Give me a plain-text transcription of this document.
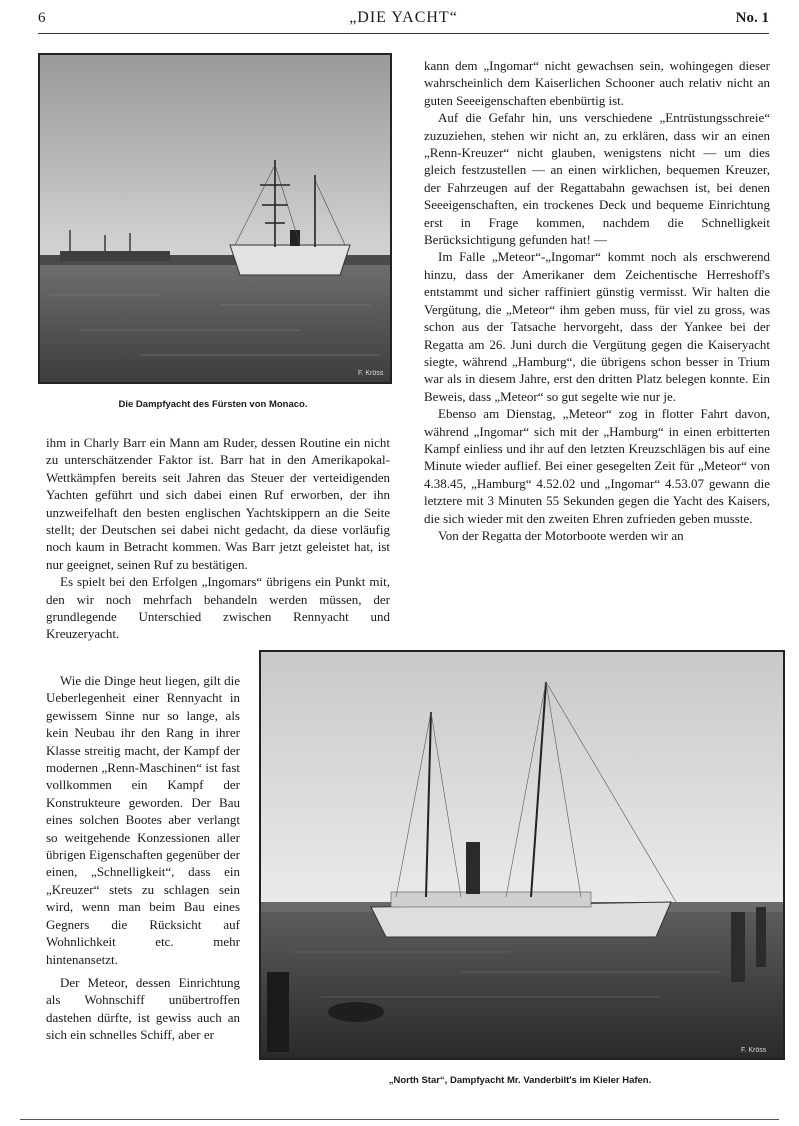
6	„DIE YACHT“	No. 1
F. Kröss
Die Dampfyacht des Fürsten von Monaco.

ihm in Charly Barr ein Mann am Ruder, dessen Routine ein nicht zu unterschätzender Faktor ist. Barr hat in den Amerikapokal-Wettkämpfen bereits seit Jahren das Steuer der verteidigenden Yachten geführt und sich dabei einen Ruf erworben, der ihn unzweifelhaft den besten englischen Yachtskippern an die Seite stellt; der Deutschen sei dabei nicht gedacht, da diese vorläufig noch kaum in Betracht kommen. Was Barr jetzt geleistet hat, ist nur geeignet, seinen Ruf zu bestätigen.

Es spielt bei den Erfolgen „Ingomars“ übrigens ein Punkt mit, den wir noch mehrfach behandeln werden müssen, der grundlegende Unterschied zwischen Rennyacht und Kreuzeryacht.

Wie die Dinge heut liegen, gilt die Ueberlegenheit einer Rennyacht in gewissem Sinne nur so lange, als kein Neubau ihr den Rang in ihrer Klasse streitig macht, der Kampf der modernen „Renn-Maschinen“ ist fast vollkommen ein Kampf der Konstrukteure geworden. Der Bau eines solchen Bootes aber verlangt so weitgehende Konzessionen aller übrigen Eigenschaften gegenüber der einen, „Schnelligkeit“, dass ein „Kreuzer“ stets zu schlagen sein wird, wenn man beim Bau eines Gegners die Rücksicht auf Wohnlichkeit etc. mehr hintenansetzt.

Der Meteor, dessen Einrichtung als Wohnschiff unübertroffen dastehen dürfte, ist gewiss auch an sich ein schnelles Schiff, aber er

kann dem „Ingomar“ nicht gewachsen sein, wohingegen dieser wahrscheinlich dem Kaiserlichen Schooner auch relativ nicht an guten Seeeigenschaften ebenbürtig ist.

Auf die Gefahr hin, uns verschiedene „Entrüstungsschreie“ zuzuziehen, stehen wir nicht an, zu erklären, dass wir an einen „Renn-Kreuzer“ nicht glauben, wenigstens nicht — um dies gleich festzustellen — an einen wirklichen, bequemen Kreuzer, der Fahrzeugen auf der Regattabahn gewachsen ist, bei denen Seeeigenschaften, ein trockenes Deck und bequeme Einrichtung erst in Frage kommen, nachdem die Schnelligkeit Berücksichtigung gefunden hat! —

Im Falle „Meteor“-„Ingomar“ kommt noch als erschwerend hinzu, dass der Amerikaner dem Zeichentische Herreshoff's entstammt und sicher raffiniert günstig vermisst. Wir halten die Vergütung, die „Meteor“ ihm geben muss, für viel zu gross, was schon aus der Tatsache hervorgeht, dass der Yankee bei der Regatta am 26. Juni durch die Vergütung gegen die Kaiseryacht siegte, während „Hamburg“, die übrigens schon besser in Trium war als in diesem Jahre, erst den dritten Platz belegen konnte. Ein Beweis, dass „Meteor“ so gut segelte wie nur je.

Ebenso am Dienstag, „Meteor“ zog in flotter Fahrt davon, während „Ingomar“ sich mit der „Hamburg“ in einen erbitterten Kampf einliess und ihr auf den letzten Kreuzschlägen bis auf eine Minute wieder auflief. Bei einer gesegelten Zeit für „Meteor“ von 4.38.45, „Hamburg“ 4.52.02 und „Ingomar“ 4.53.07 gewann die letztere mit 3 Minuten 55 Sekunden gegen die Yacht des Kaisers, die sich wieder mit den zweiten Ehren zufrieden geben musste.

Von der Regatta der Motorboote werden wir an

F. Kröss
„North Star“, Dampfyacht Mr. Vanderbilt's im Kieler Hafen.
